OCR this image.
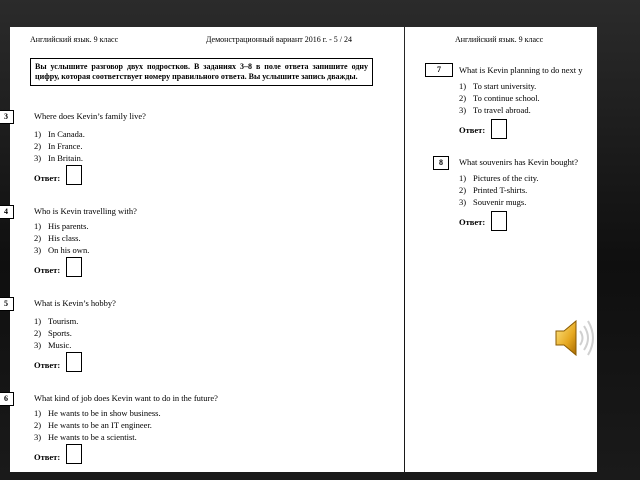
Английский язык. 9 класс	Демонстрационный вариант 2016 г. - 5 / 24
Вы услышите разговор двух подростков. В заданиях 3–8 в поле ответа запишите одну цифру, которая соответствует номеру правильного ответа. Вы услышите запись дважды.
3	Where does Kevin’s family live?
1) In Canada.
2) In France.
3) In Britain.
Ответ:
4	Who is Kevin travelling with?
1) His parents.
2) His class.
3) On his own.
Ответ:
5	What is Kevin’s hobby?
1) Tourism.
2) Sports.
3) Music.
Ответ:
6	What kind of job does Kevin want to do in the future?
1) He wants to be in show business.
2) He wants to be an IT engineer.
3) He wants to be a scientist.
Ответ:
Английский язык. 9 класс
7	What is Kevin planning to do next y
1) To start university.
2) To continue school.
3) To travel abroad.
Ответ:
8	What souvenirs has Kevin bought?
1) Pictures of the city.
2) Printed T-shirts.
3) Souvenir mugs.
Ответ:
